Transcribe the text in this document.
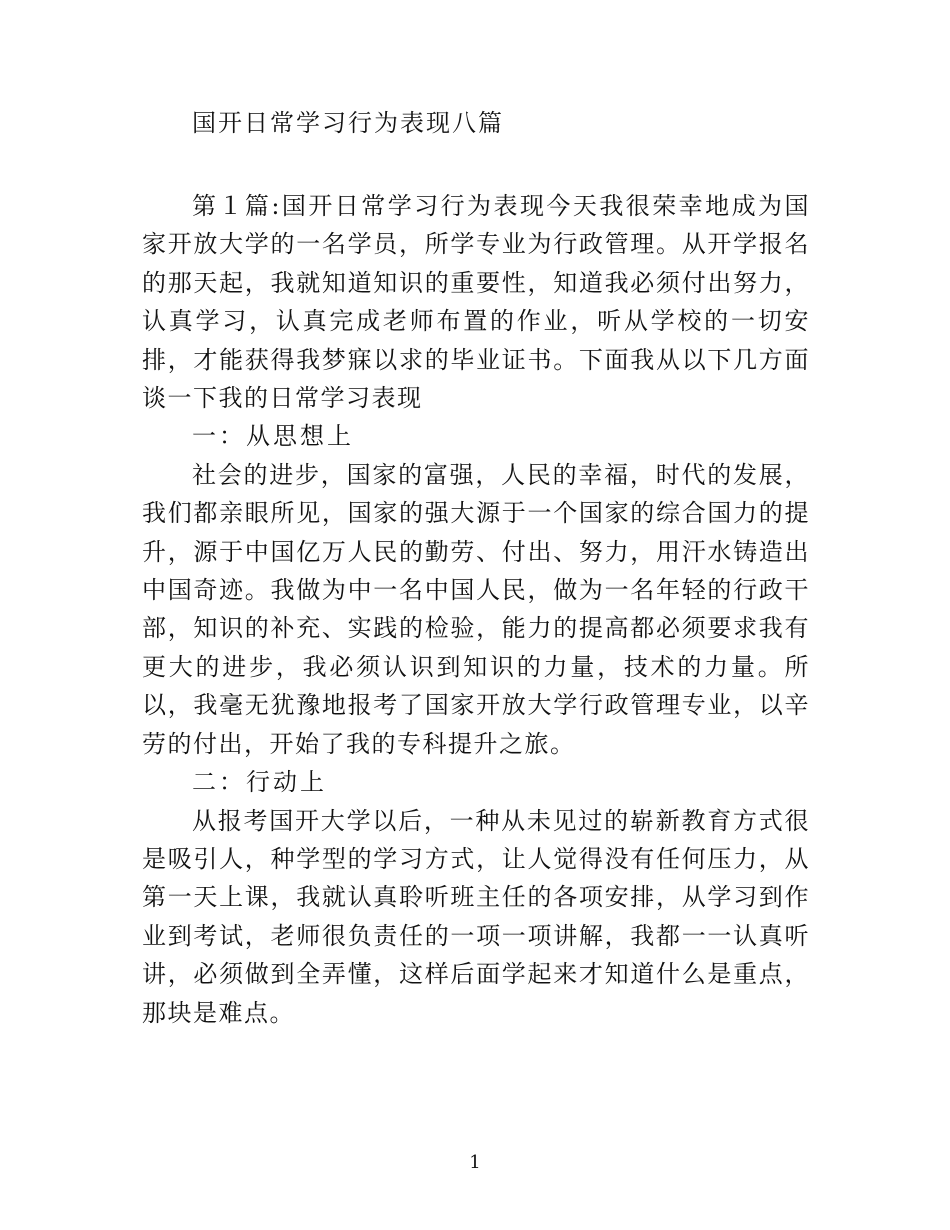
国开日常学习行为表现八篇

第１篇:国开日常学习行为表现今天我很荣幸地成为国家开放大学的一名学员，所学专业为行政管理。从开学报名的那天起，我就知道知识的重要性，知道我必须付出努力，认真学习，认真完成老师布置的作业，听从学校的一切安排，才能获得我梦寐以求的毕业证书。下面我从以下几方面谈一下我的日常学习表现

一：从思想上

社会的进步，国家的富强，人民的幸福，时代的发展，我们都亲眼所见，国家的强大源于一个国家的综合国力的提升，源于中国亿万人民的勤劳、付出、努力，用汗水铸造出中国奇迹。我做为中一名中国人民，做为一名年轻的行政干部，知识的补充、实践的检验，能力的提高都必须要求我有更大的进步，我必须认识到知识的力量，技术的力量。所以，我毫无犹豫地报考了国家开放大学行政管理专业，以辛劳的付出，开始了我的专科提升之旅。

二：行动上

从报考国开大学以后，一种从未见过的崭新教育方式很是吸引人，种学型的学习方式，让人觉得没有任何压力，从第一天上课，我就认真聆听班主任的各项安排，从学习到作业到考试，老师很负责任的一项一项讲解，我都一一认真听讲，必须做到全弄懂，这样后面学起来才知道什么是重点，那块是难点。

1
